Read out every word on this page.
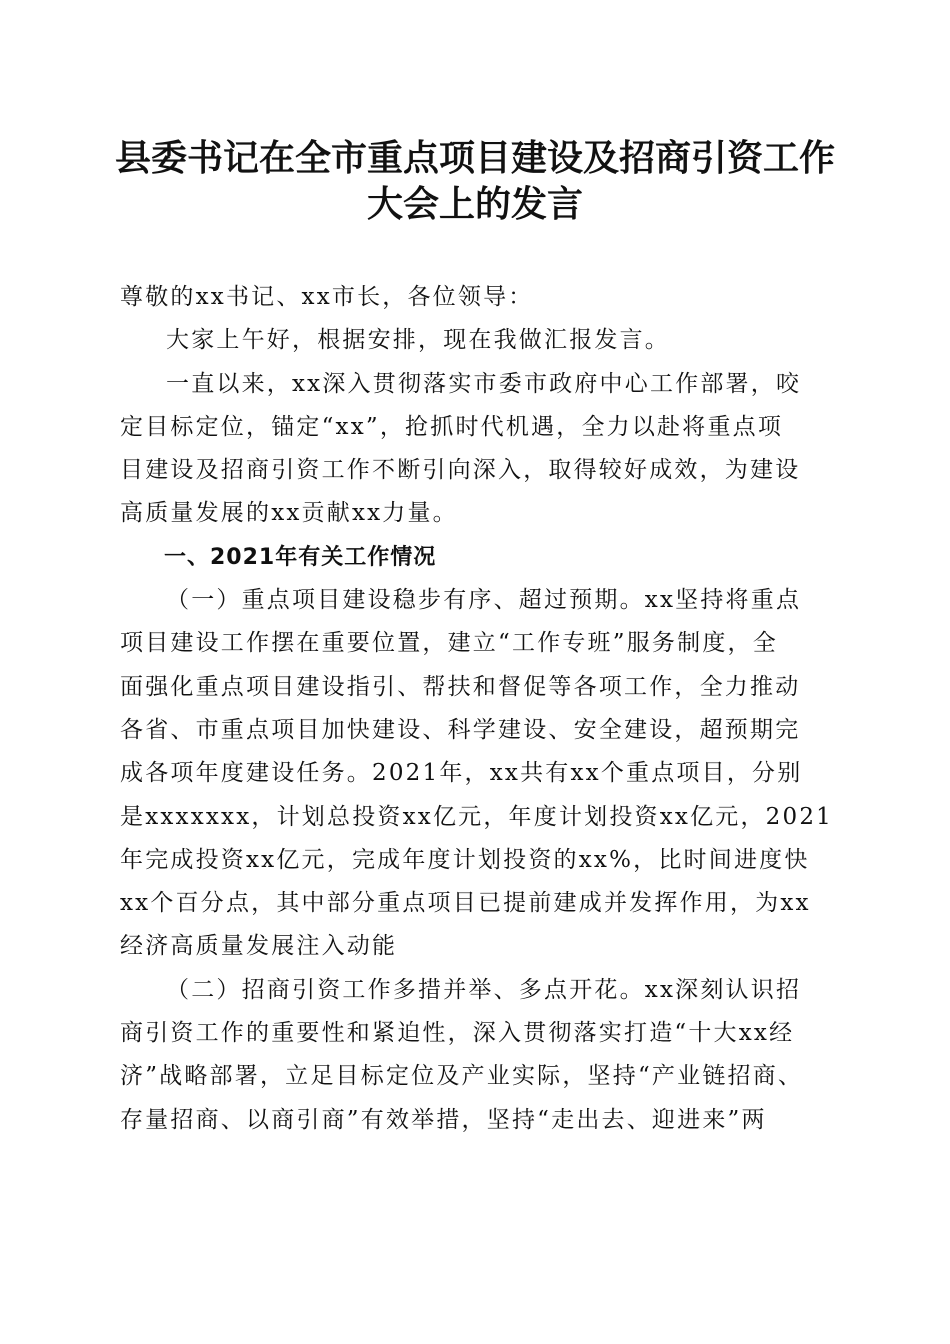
县委书记在全市重点项目建设及招商引资工作
大会上的发言

尊敬的xx书记、xx市长，各位领导：

大家上午好，根据安排，现在我做汇报发言。

一直以来，xx深入贯彻落实市委市政府中心工作部署，咬
定目标定位，锚定“xx”，抢抓时代机遇，全力以赴将重点项
目建设及招商引资工作不断引向深入，取得较好成效，为建设
高质量发展的xx贡献xx力量。

一、2021年有关工作情况

（一）重点项目建设稳步有序、超过预期。xx坚持将重点
项目建设工作摆在重要位置，建立“工作专班”服务制度，全
面强化重点项目建设指引、帮扶和督促等各项工作，全力推动
各省、市重点项目加快建设、科学建设、安全建设，超预期完
成各项年度建设任务。2021年，xx共有xx个重点项目，分别
是xxxxxxx，计划总投资xx亿元，年度计划投资xx亿元，2021
年完成投资xx亿元，完成年度计划投资的xx%，比时间进度快
xx个百分点，其中部分重点项目已提前建成并发挥作用，为xx
经济高质量发展注入动能

（二）招商引资工作多措并举、多点开花。xx深刻认识招
商引资工作的重要性和紧迫性，深入贯彻落实打造“十大xx经
济”战略部署，立足目标定位及产业实际，坚持“产业链招商、
存量招商、以商引商”有效举措，坚持“走出去、迎进来”两
